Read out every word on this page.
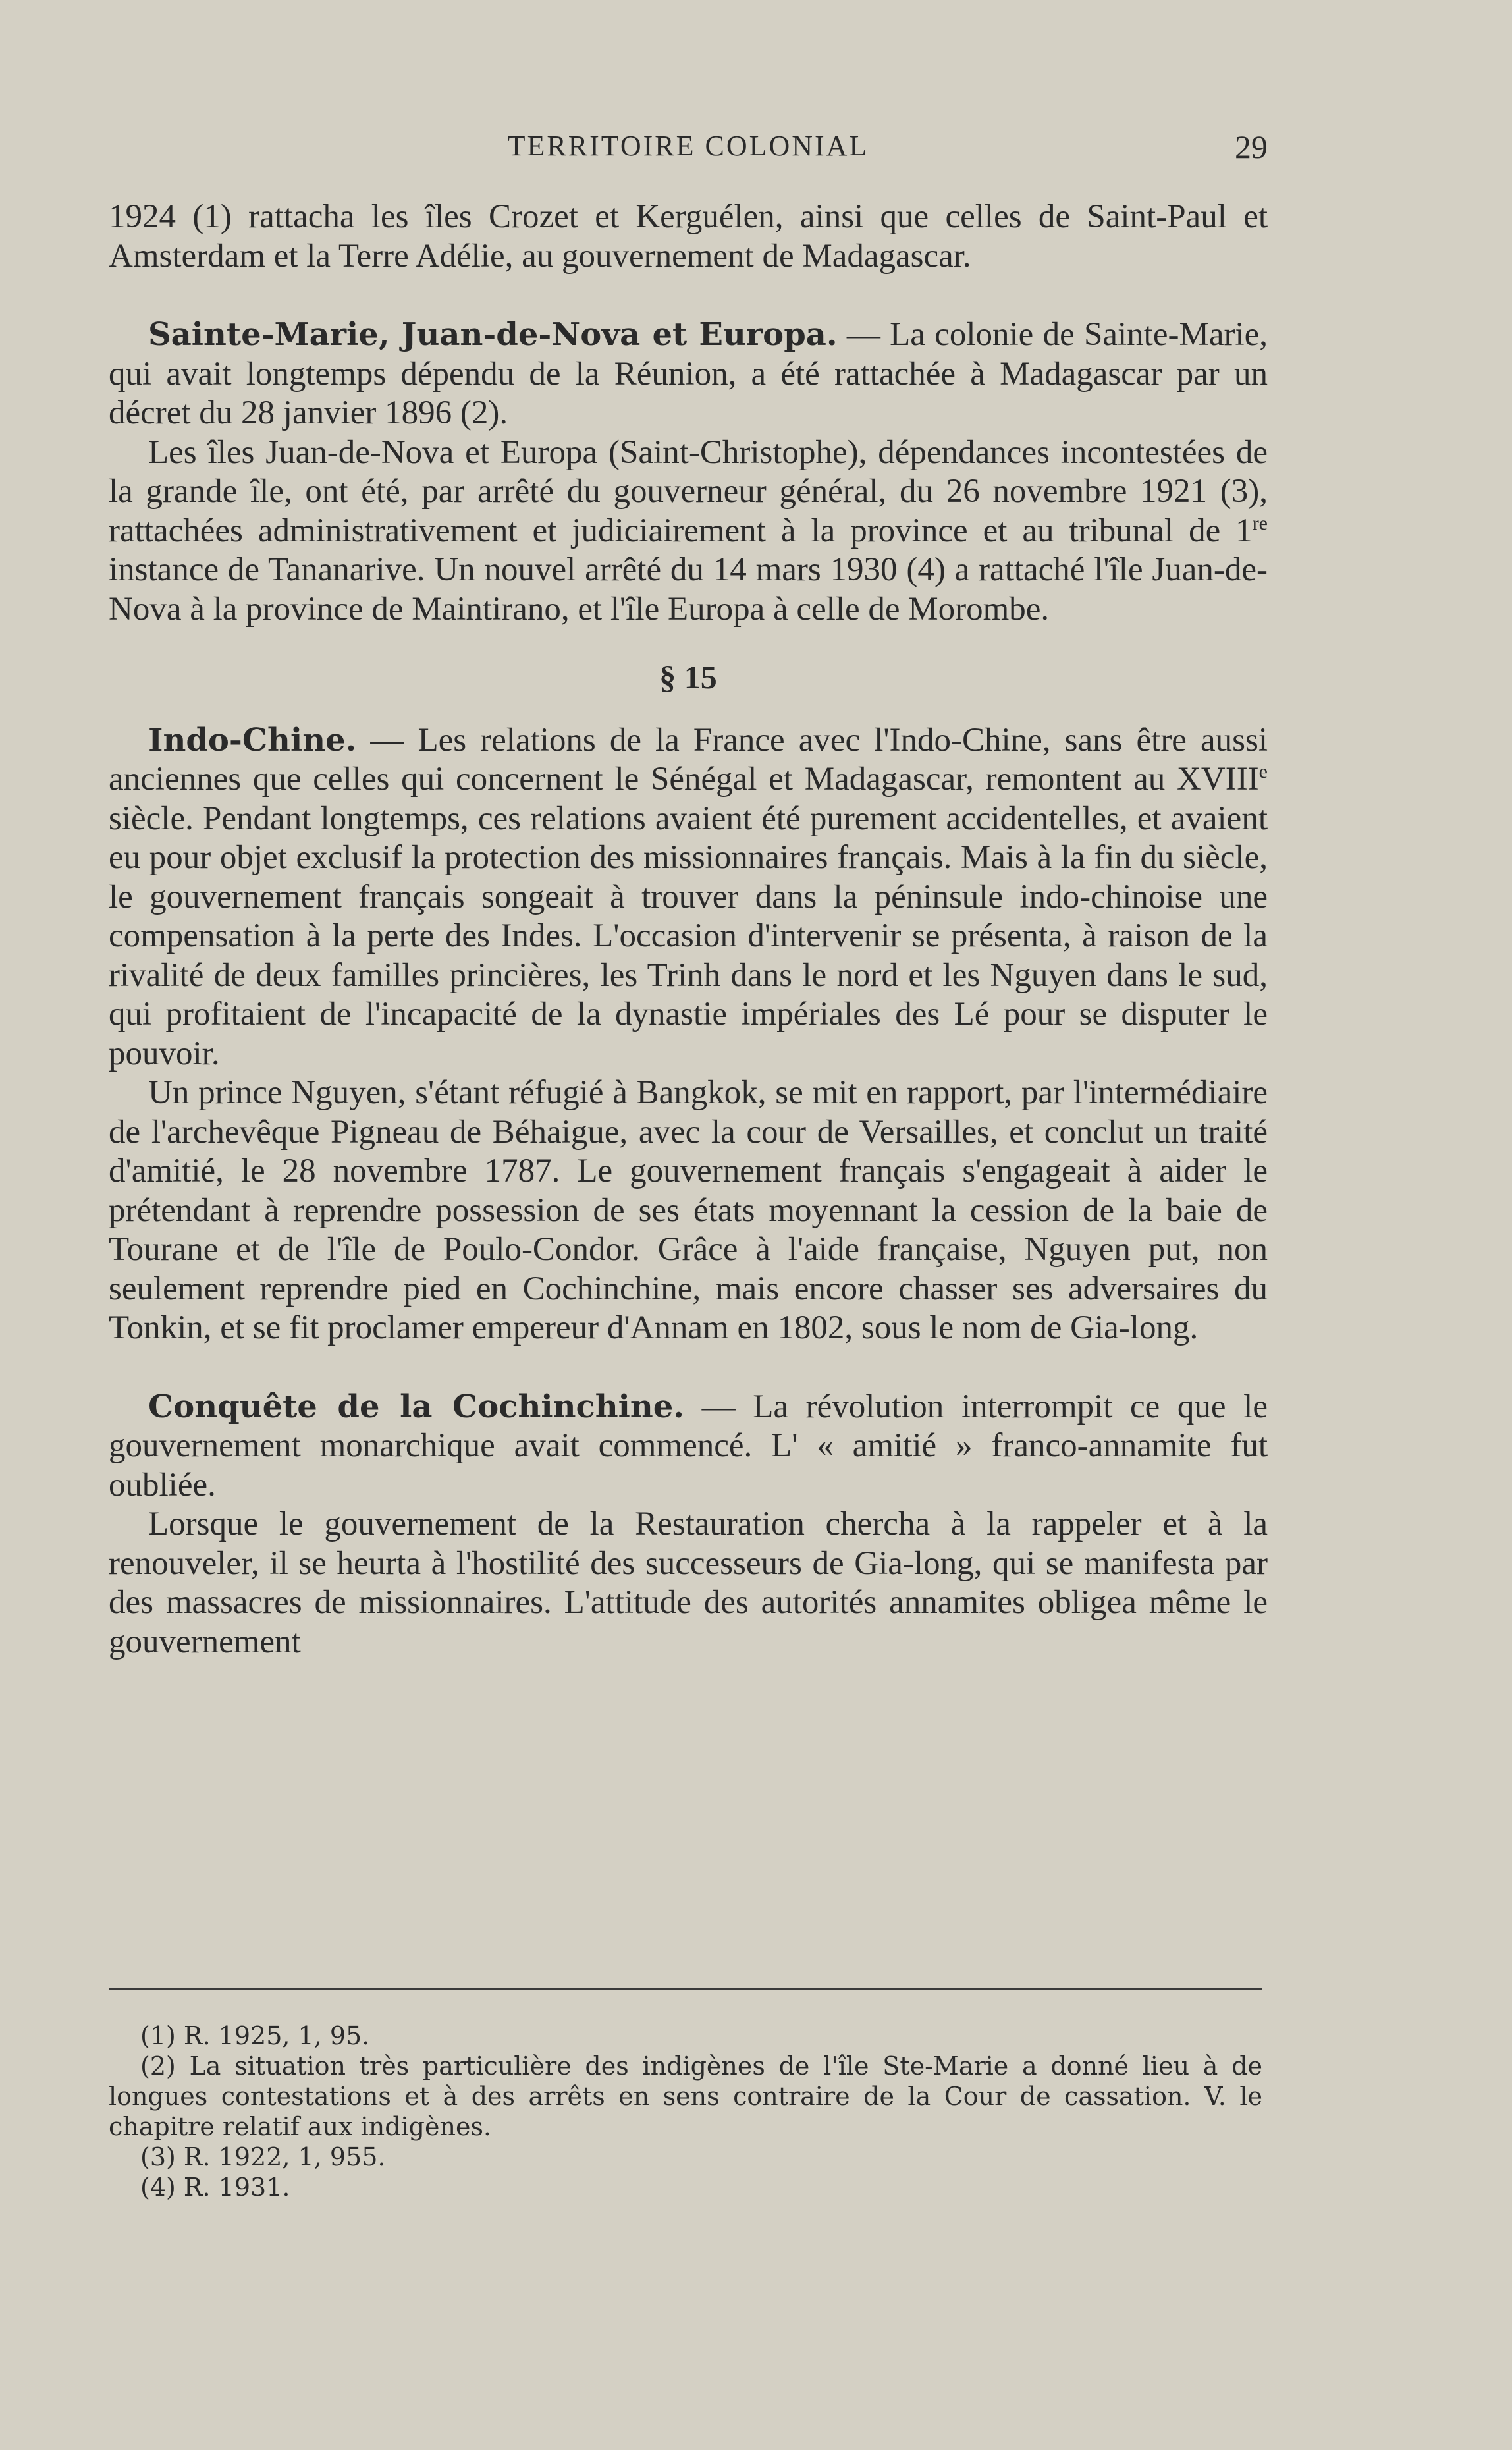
TERRITOIRE COLONIAL	29

1924 (1) rattacha les îles Crozet et Kerguélen, ainsi que celles de Saint-Paul et Amsterdam et la Terre Adélie, au gouvernement de Madagascar.

Sainte-Marie, Juan-de-Nova et Europa. — La colonie de Sainte-Marie, qui avait longtemps dépendu de la Réunion, a été rattachée à Madagascar par un décret du 28 janvier 1896 (2).

Les îles Juan-de-Nova et Europa (Saint-Christophe), dépendances incontestées de la grande île, ont été, par arrêté du gouverneur général, du 26 novembre 1921 (3), rattachées administrativement et judiciairement à la province et au tribunal de 1re instance de Tananarive. Un nouvel arrêté du 14 mars 1930 (4) a rattaché l'île Juan-de-Nova à la province de Maintirano, et l'île Europa à celle de Morombe.

§ 15

Indo-Chine. — Les relations de la France avec l'Indo-Chine, sans être aussi anciennes que celles qui concernent le Sénégal et Madagascar, remontent au XVIIIe siècle. Pendant longtemps, ces relations avaient été purement accidentelles, et avaient eu pour objet exclusif la protection des missionnaires français. Mais à la fin du siècle, le gouvernement français songeait à trouver dans la péninsule indo-chinoise une compensation à la perte des Indes. L'occasion d'intervenir se présenta, à raison de la rivalité de deux familles princières, les Trinh dans le nord et les Nguyen dans le sud, qui profitaient de l'incapacité de la dynastie impériales des Lé pour se disputer le pouvoir.

Un prince Nguyen, s'étant réfugié à Bangkok, se mit en rapport, par l'intermédiaire de l'archevêque Pigneau de Béhaigue, avec la cour de Versailles, et conclut un traité d'amitié, le 28 novembre 1787. Le gouvernement français s'engageait à aider le prétendant à reprendre possession de ses états moyennant la cession de la baie de Tourane et de l'île de Poulo-Condor. Grâce à l'aide française, Nguyen put, non seulement reprendre pied en Cochinchine, mais encore chasser ses adversaires du Tonkin, et se fit proclamer empereur d'Annam en 1802, sous le nom de Gia-long.

Conquête de la Cochinchine. — La révolution interrompit ce que le gouvernement monarchique avait commencé. L' « amitié » franco-annamite fut oubliée.

Lorsque le gouvernement de la Restauration chercha à la rappeler et à la renouveler, il se heurta à l'hostilité des successeurs de Gia-long, qui se manifesta par des massacres de missionnaires. L'attitude des autorités annamites obligea même le gouvernement

(1) R. 1925, 1, 95.

(2) La situation très particulière des indigènes de l'île Ste-Marie a donné lieu à de longues contestations et à des arrêts en sens contraire de la Cour de cassation. V. le chapitre relatif aux indigènes.

(3) R. 1922, 1, 955.

(4) R. 1931.
